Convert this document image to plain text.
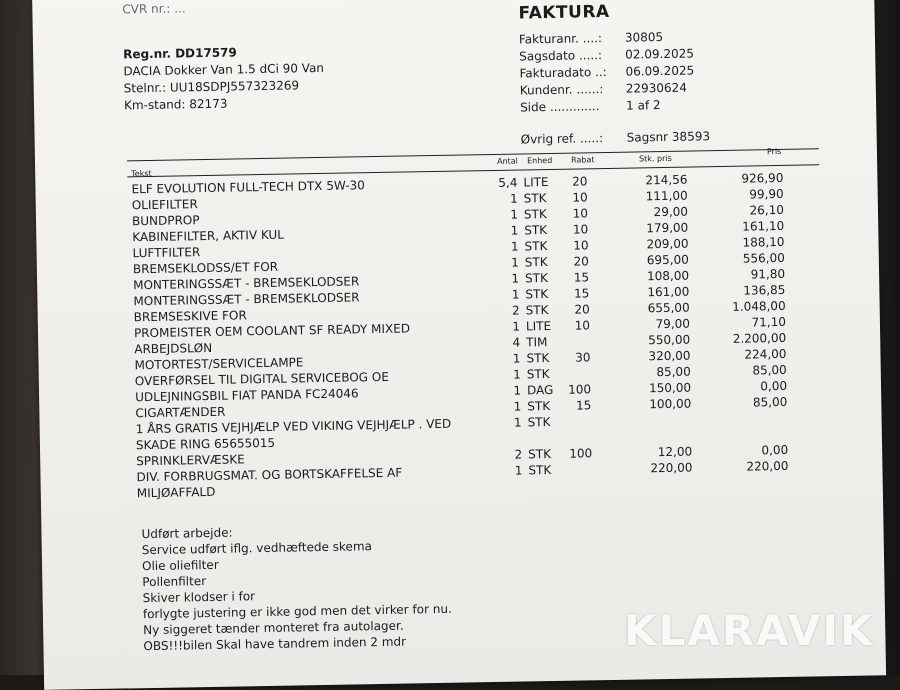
CVR nr.: ...	FAKTURA
Reg.nr. DD17579
DACIA Dokker Van 1.5 dCi 90 Van
Stelnr.: UU18SDPJ557323269
Km-stand: 82173
Fakturanr. ....:	30805
Sagsdato .....:	02.09.2025
Fakturadato ..:	06.09.2025
Kundenr. ......:	22930624
Side .............	1 af 2
Øvrig ref. .....:	Sagsnr 38593
Tekst
Antal Enhed Rabat	Stk. pris
Pris
ELF EVOLUTION FULL-TECH DTX 5W-30	5,4 LITE 20	214,56	926,90
OLIEFILTER	1 STK 10	111,00	99,90
BUNDPROP	1 STK 10	29,00	26,10
KABINEFILTER, AKTIV KUL	1 STK 10	179,00	161,10
LUFTFILTER	1 STK 10	209,00	188,10
BREMSEKLODSS/ET FOR	1 STK 20	695,00	556,00
MONTERINGSSÆT - BREMSEKLODSER	1 STK 15	108,00	91,80
MONTERINGSSÆT - BREMSEKLODSER	1 STK 15	161,00	136,85
BREMSESKIVE FOR	2 STK 20	655,00	1.048,00
PROMEISTER OEM COOLANT SF READY MIXED	1 LITE 10	79,00	71,10
ARBEJDSLØN	4 TIM	550,00	2.200,00
MOTORTEST/SERVICELAMPE	1 STK 30	320,00	224,00
OVERFØRSEL TIL DIGITAL SERVICEBOG OE	1 STK	85,00	85,00
UDLEJNINGSBIL FIAT PANDA FC24046	1 DAG 100	150,00	0,00
CIGARTÆNDER	1 STK 15	100,00	85,00
1 ÅRS GRATIS VEJHJÆLP VED VIKING VEJHJÆLP . VED	1 STK
SKADE RING 65655015
SPRINKLERVÆSKE	2 STK 100	12,00	0,00
DIV. FORBRUGSMAT. OG BORTSKAFFELSE AF	1 STK	220,00	220,00
MILJØAFFALD
Udført arbejde:
Service udført iflg. vedhæftede skema
Olie oliefilter
Pollenfilter
Skiver klodser i for
forlygte justering er ikke god men det virker for nu.
Ny siggeret tænder monteret fra autolager.
OBS!!!bilen Skal have tandrem inden 2 mdr	KLARAVIK
